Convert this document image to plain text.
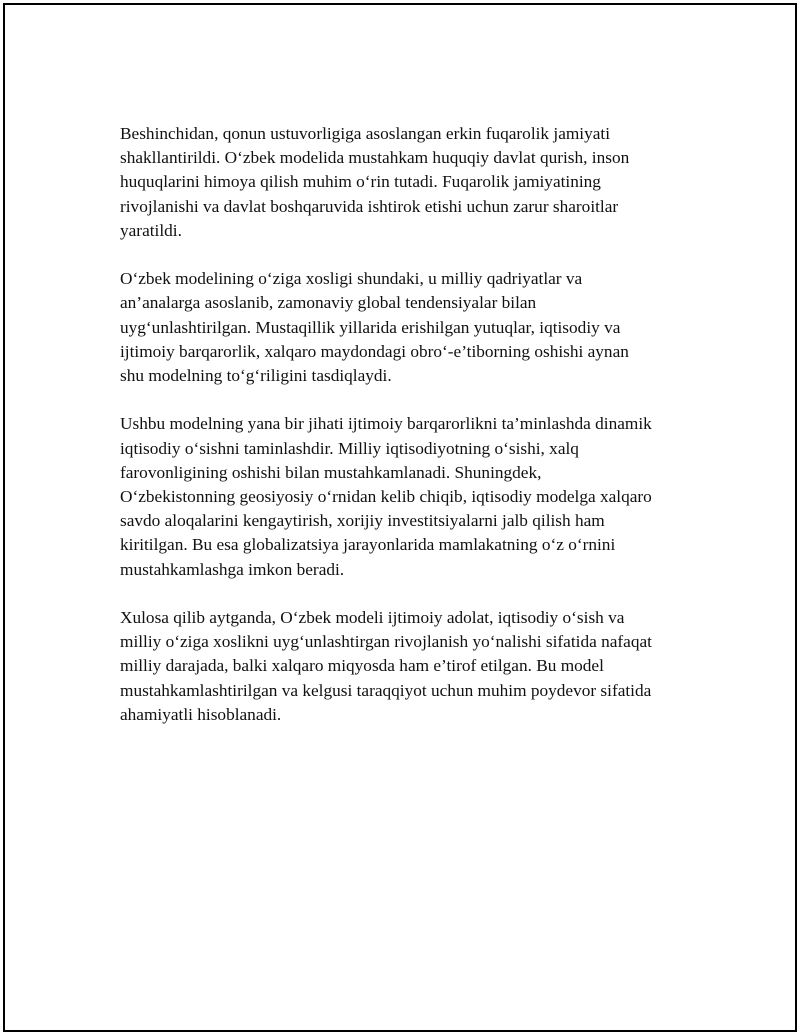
Beshinchidan, qonun ustuvorligiga asoslangan erkin fuqarolik jamiyati
shakllantirildi. O‘zbek modelida mustahkam huquqiy davlat qurish, inson
huquqlarini himoya qilish muhim o‘rin tutadi. Fuqarolik jamiyatining
rivojlanishi va davlat boshqaruvida ishtirok etishi uchun zarur sharoitlar
yaratildi.

O‘zbek modelining o‘ziga xosligi shundaki, u milliy qadriyatlar va
an’analarga asoslanib, zamonaviy global tendensiyalar bilan
uyg‘unlashtirilgan. Mustaqillik yillarida erishilgan yutuqlar, iqtisodiy va
ijtimoiy barqarorlik, xalqaro maydondagi obro‘-e’tiborning oshishi aynan
shu modelning to‘g‘riligini tasdiqlaydi.

Ushbu modelning yana bir jihati ijtimoiy barqarorlikni ta’minlashda dinamik
iqtisodiy o‘sishni taminlashdir. Milliy iqtisodiyotning o‘sishi, xalq
farovonligining oshishi bilan mustahkamlanadi. Shuningdek,
O‘zbekistonning geosiyosiy o‘rnidan kelib chiqib, iqtisodiy modelga xalqaro
savdo aloqalarini kengaytirish, xorijiy investitsiyalarni jalb qilish ham
kiritilgan. Bu esa globalizatsiya jarayonlarida mamlakatning o‘z o‘rnini
mustahkamlashga imkon beradi.

Xulosa qilib aytganda, O‘zbek modeli ijtimoiy adolat, iqtisodiy o‘sish va
milliy o‘ziga xoslikni uyg‘unlashtirgan rivojlanish yo‘nalishi sifatida nafaqat
milliy darajada, balki xalqaro miqyosda ham e’tirof etilgan. Bu model
mustahkamlashtirilgan va kelgusi taraqqiyot uchun muhim poydevor sifatida
ahamiyatli hisoblanadi.
